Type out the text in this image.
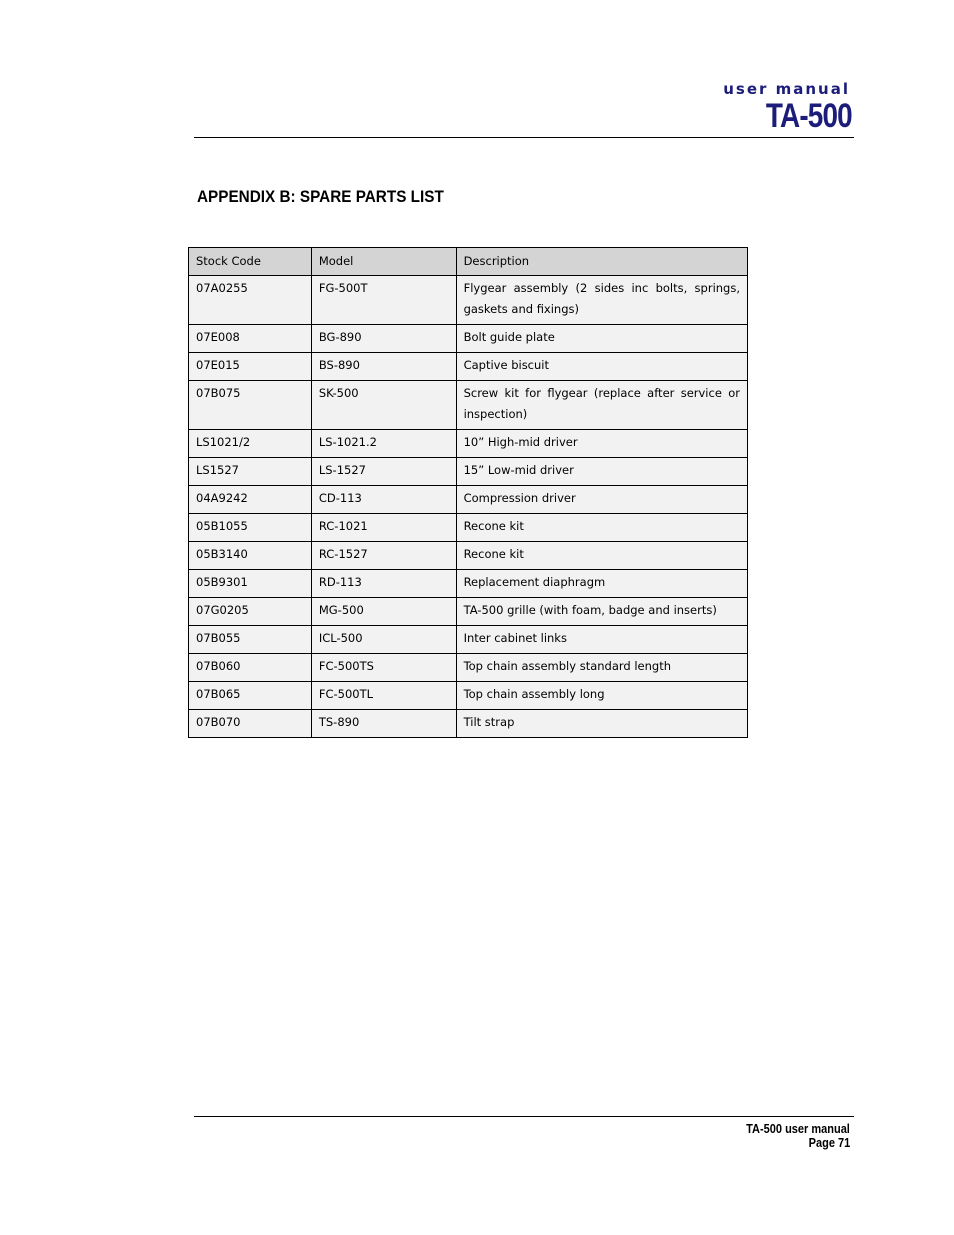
user manual
TA-500
APPENDIX B: SPARE PARTS LIST
Stock Code	Model	Description
07A0255	FG-500T	Flygear assembly (2 sides inc bolts, springs, gaskets and fixings)
07E008	BG-890	Bolt guide plate
07E015	BS-890	Captive biscuit
07B075	SK-500	Screw kit for flygear (replace after service or inspection)
LS1021/2	LS-1021.2	10” High-mid driver
LS1527	LS-1527	15” Low-mid driver
04A9242	CD-113	Compression driver
05B1055	RC-1021	Recone kit
05B3140	RC-1527	Recone kit
05B9301	RD-113	Replacement diaphragm
07G0205	MG-500	TA-500 grille (with foam, badge and inserts)
07B055	ICL-500	Inter cabinet links
07B060	FC-500TS	Top chain assembly standard length
07B065	FC-500TL	Top chain assembly long
07B070	TS-890	Tilt strap
TA-500 user manual
Page 71
